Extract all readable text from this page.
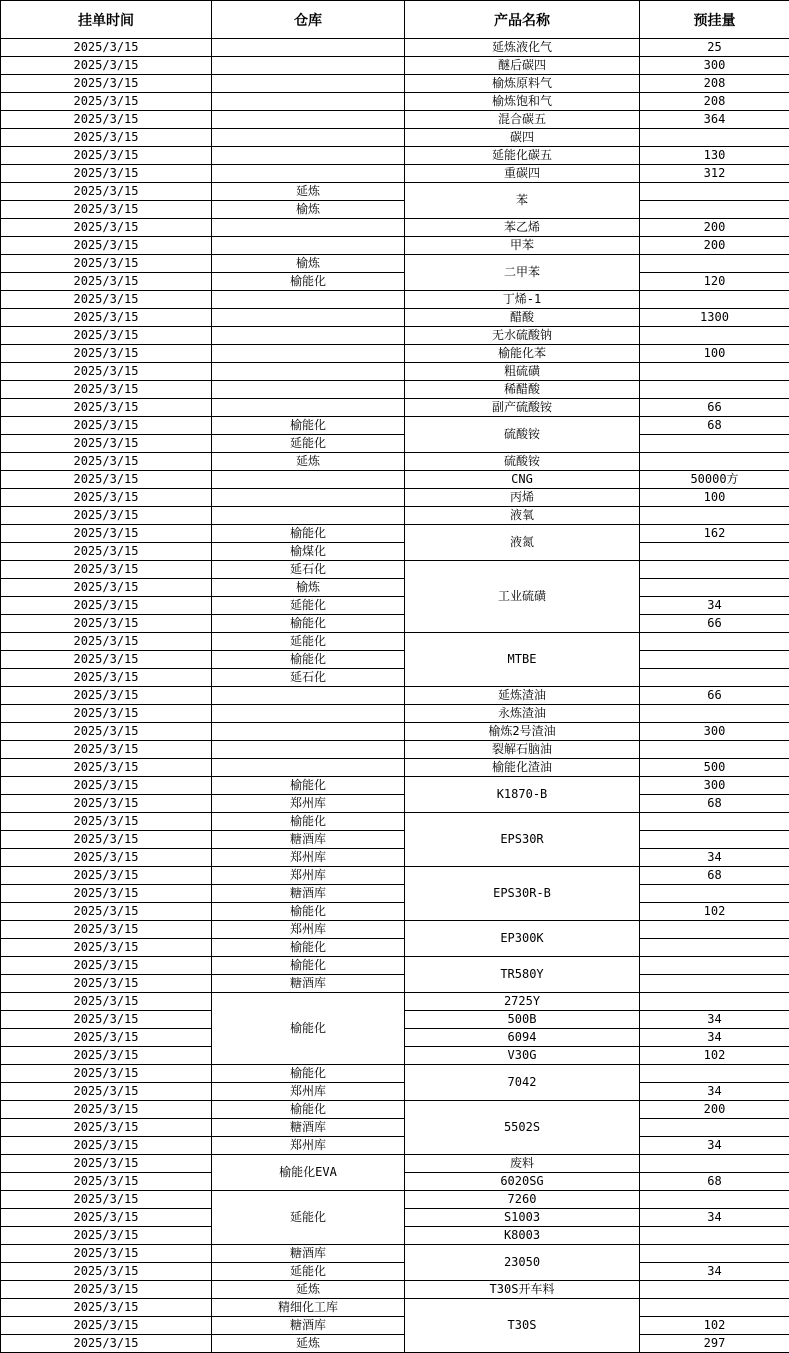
挂单时间	仓库	产品名称	预挂量
2025/3/15		延炼液化气	25
2025/3/15		醚后碳四	300
2025/3/15		榆炼原料气	208
2025/3/15		榆炼饱和气	208
2025/3/15		混合碳五	364
2025/3/15		碳四	
2025/3/15		延能化碳五	130
2025/3/15		重碳四	312
2025/3/15	延炼	苯	
2025/3/15	榆炼		
2025/3/15		苯乙烯	200
2025/3/15		甲苯	200
2025/3/15	榆炼	二甲苯	
2025/3/15	榆能化		120
2025/3/15		丁烯-1	
2025/3/15		醋酸	1300
2025/3/15		无水硫酸钠	
2025/3/15		榆能化苯	100
2025/3/15		粗硫磺	
2025/3/15		稀醋酸	
2025/3/15		副产硫酸铵	66
2025/3/15	榆能化	硫酸铵	68
2025/3/15	延能化		
2025/3/15	延炼	硫酸铵	
2025/3/15		CNG	50000方
2025/3/15		丙烯	100
2025/3/15		液氧	
2025/3/15	榆能化	液氮	162
2025/3/15	榆煤化		
2025/3/15	延石化	工业硫磺	
2025/3/15	榆炼		
2025/3/15	延能化		34
2025/3/15	榆能化		66
2025/3/15	延能化	MTBE	
2025/3/15	榆能化		
2025/3/15	延石化		
2025/3/15		延炼渣油	66
2025/3/15		永炼渣油	
2025/3/15		榆炼2号渣油	300
2025/3/15		裂解石脑油	
2025/3/15		榆能化渣油	500
2025/3/15	榆能化	K1870-B	300
2025/3/15	郑州库		68
2025/3/15	榆能化	EPS30R	
2025/3/15	糖酒库		
2025/3/15	郑州库		34
2025/3/15	郑州库	EPS30R-B	68
2025/3/15	糖酒库		
2025/3/15	榆能化		102
2025/3/15	郑州库	EP300K	
2025/3/15	榆能化		
2025/3/15	榆能化	TR580Y	
2025/3/15	糖酒库		
2025/3/15	榆能化	2725Y	
2025/3/15		500B	34
2025/3/15		6094	34
2025/3/15		V30G	102
2025/3/15	榆能化	7042	
2025/3/15	郑州库		34
2025/3/15	榆能化	5502S	200
2025/3/15	糖酒库		
2025/3/15	郑州库		34
2025/3/15	榆能化EVA	废料	
2025/3/15		6020SG	68
2025/3/15	延能化	7260	
2025/3/15		S1003	34
2025/3/15		K8003	
2025/3/15	糖酒库	23050	
2025/3/15	延能化		34
2025/3/15	延炼	T30S开车料	
2025/3/15	精细化工库	T30S	
2025/3/15	糖酒库		102
2025/3/15	延炼		297
